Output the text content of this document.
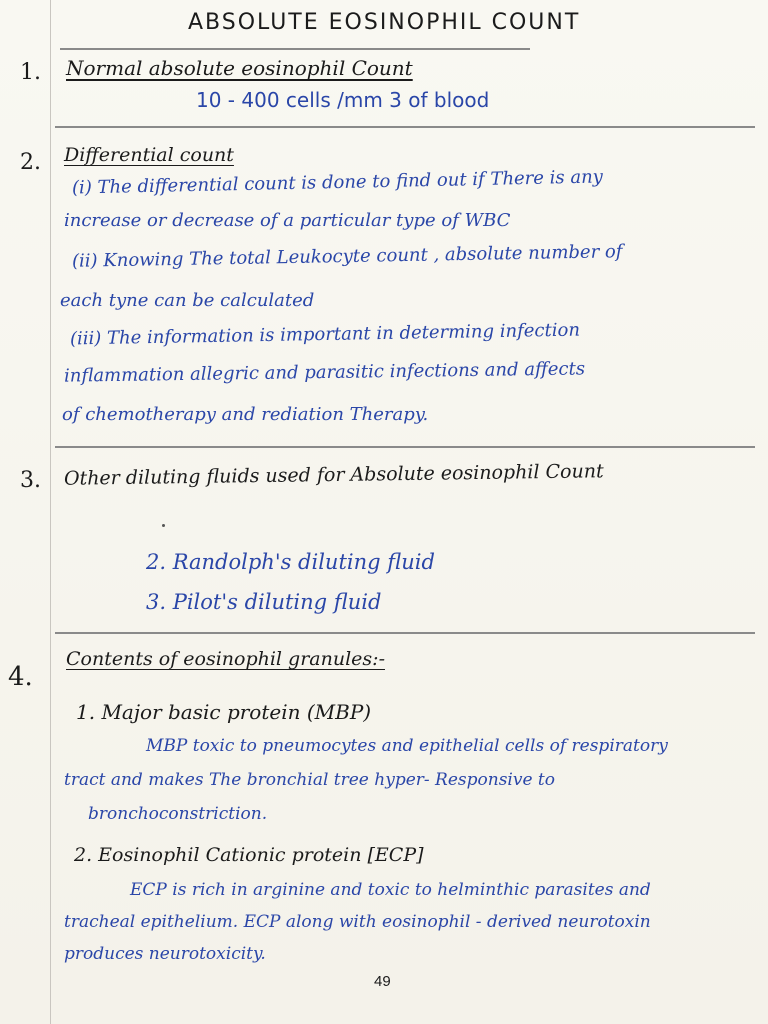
ABSOLUTE EOSINOPHIL COUNT
1. Normal absolute eosinophil Count
10 - 400 cells /mm 3 of blood
2. Differential count
(i) The differential count is done to find out if There is any
increase or decrease of a particular type of WBC
(ii) Knowing The total Leukocyte count , absolute number of
each tyne can be calculated
(iii) The information is important in determing infection
inflammation allegric and parasitic infections and affects
of chemotherapy and rediation Therapy.
3. Other diluting fluids used for Absolute eosinophil Count
2. Randolph's diluting fluid
3. Pilot's diluting fluid
4.
Contents of eosinophil granules:-
1. Major basic protein (MBP)
MBP toxic to pneumocytes and epithelial cells of respiratory
tract and makes The bronchial tree hyper- Responsive to
bronchoconstriction.
2. Eosinophil Cationic protein [ECP]
ECP is rich in arginine and toxic to helminthic parasites and
tracheal epithelium. ECP along with eosinophil - derived neurotoxin
produces neurotoxicity.
49
